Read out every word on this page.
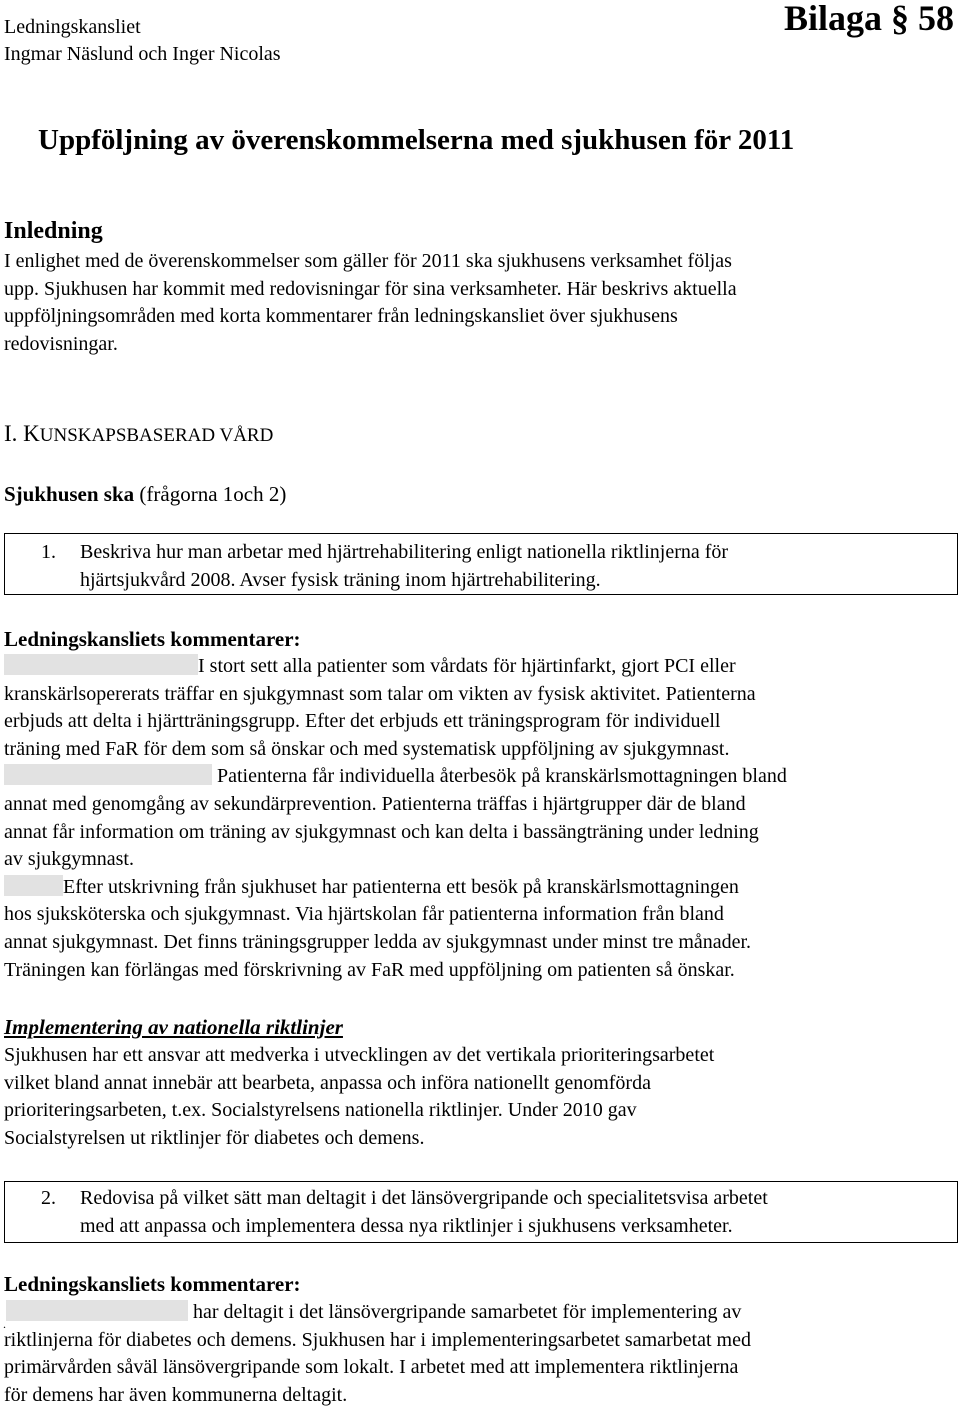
Ledningskansliet
Ingmar Näslund och Inger Nicolas
Bilaga § 58
Uppföljning av överenskommelserna med sjukhusen för 2011
Inledning
I enlighet med de överenskommelser som gäller för 2011 ska sjukhusens verksamhet följas
upp. Sjukhusen har kommit med redovisningar för sina verksamheter. Här beskrivs aktuella
uppföljningsområden med korta kommentarer från ledningskansliet över sjukhusens
redovisningar.
I. KUNSKAPSBASERAD VÅRD
Sjukhusen ska (frågorna 1och 2)
1. Beskriva hur man arbetar med hjärtrehabilitering enligt nationella riktlinjerna för
hjärtsjukvård 2008. Avser fysisk träning inom hjärtrehabilitering.
Ledningskansliets kommentarer:
I stort sett alla patienter som vårdats för hjärtinfarkt, gjort PCI eller
kranskärlsopererats träffar en sjukgymnast som talar om vikten av fysisk aktivitet. Patienterna
erbjuds att delta i hjärtträningsgrupp. Efter det erbjuds ett träningsprogram för individuell
träning med FaR för dem som så önskar och med systematisk uppföljning av sjukgymnast.
Patienterna får individuella återbesök på kranskärlsmottagningen bland
annat med genomgång av sekundärprevention. Patienterna träffas i hjärtgrupper där de bland
annat får information om träning av sjukgymnast och kan delta i bassängträning under ledning
av sjukgymnast.
Efter utskrivning från sjukhuset har patienterna ett besök på kranskärlsmottagningen
hos sjuksköterska och sjukgymnast. Via hjärtskolan får patienterna information från bland
annat sjukgymnast. Det finns träningsgrupper ledda av sjukgymnast under minst tre månader.
Träningen kan förlängas med förskrivning av FaR med uppföljning om patienten så önskar.
Implementering av nationella riktlinjer
Sjukhusen har ett ansvar att medverka i utvecklingen av det vertikala prioriteringsarbetet
vilket bland annat innebär att bearbeta, anpassa och införa nationellt genomförda
prioriteringsarbeten, t.ex. Socialstyrelsens nationella riktlinjer. Under 2010 gav
Socialstyrelsen ut riktlinjer för diabetes och demens.
2. Redovisa på vilket sätt man deltagit i det länsövergripande och specialitetsvisa arbetet
med att anpassa och implementera dessa nya riktlinjer i sjukhusens verksamheter.
Ledningskansliets kommentarer:
.
har deltagit i det länsövergripande samarbetet för implementering av
riktlinjerna för diabetes och demens. Sjukhusen har i implementeringsarbetet samarbetat med
primärvården såväl länsövergripande som lokalt. I arbetet med att implementera riktlinjerna
för demens har även kommunerna deltagit.
